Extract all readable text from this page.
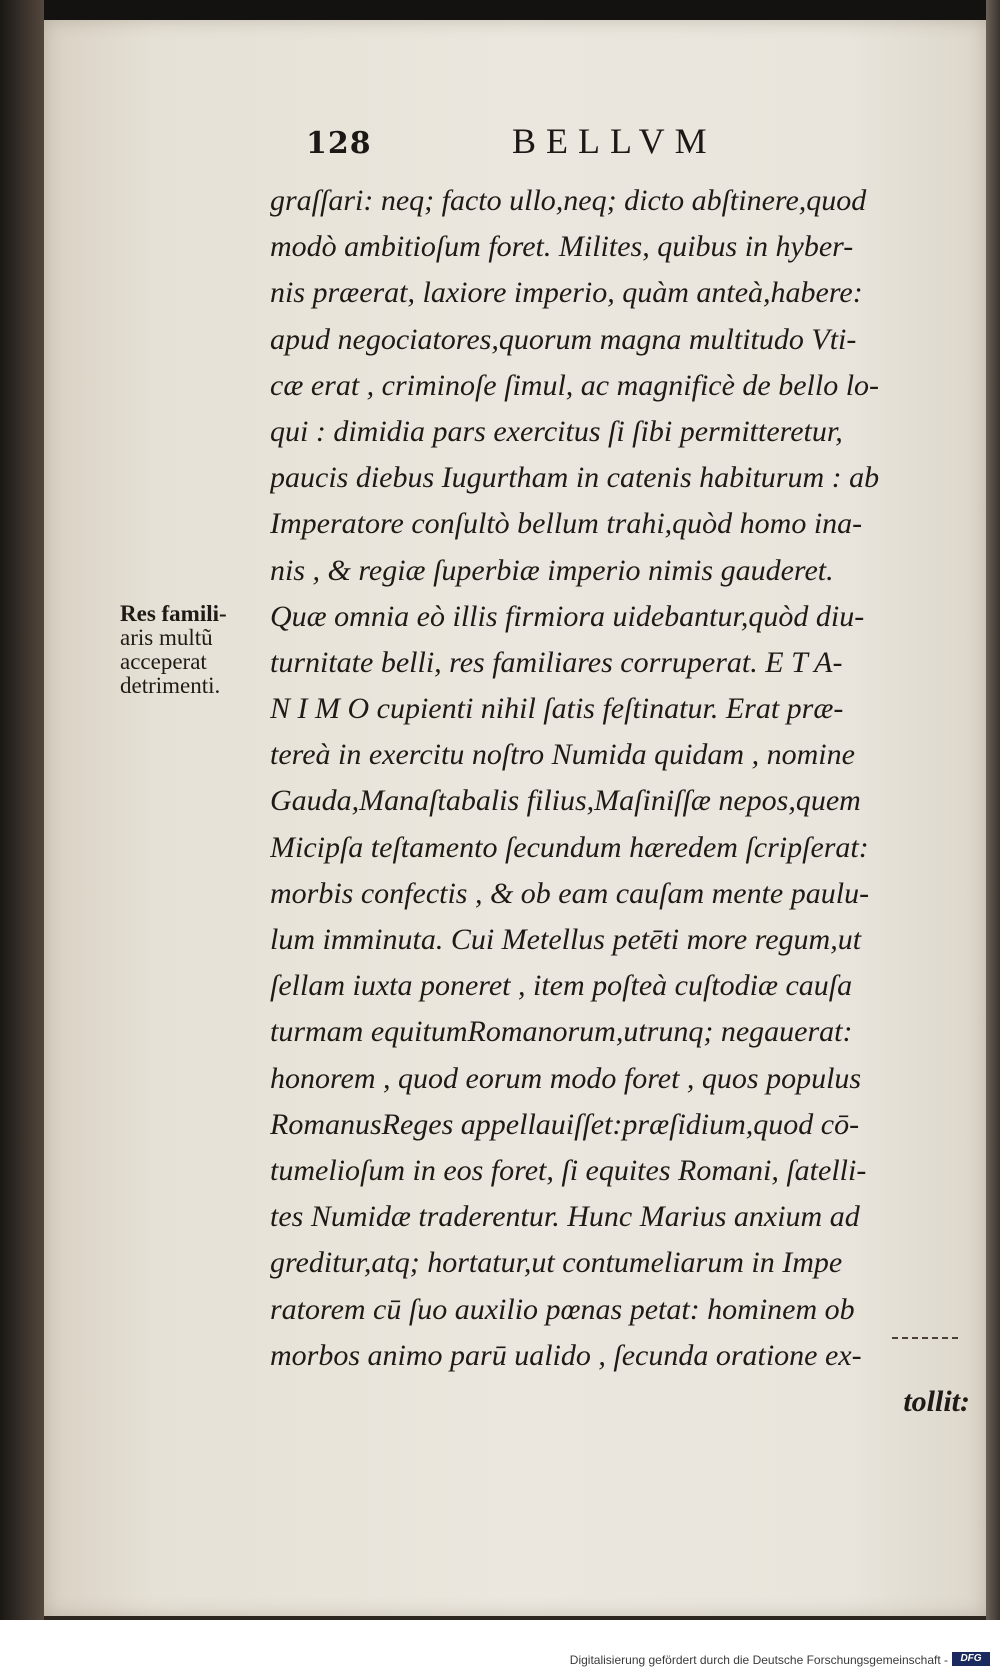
128	BELLVM
Res famili-
aris multũ
acceperat
detrimenti.
graſſari: neq; facto ullo,neq; dicto abſtinere,quod
modò ambitioſum foret. Milites, quibus in hyber-
nis præerat, laxiore imperio, quàm anteà,habere:
apud negociatores,quorum magna multitudo Vti-
cæ erat , criminoſe ſimul, ac magnificè de bello lo-
qui : dimidia pars exercitus ſi ſibi permitteretur,
paucis diebus Iugurtham in catenis habiturum : ab
Imperatore conſultò bellum trahi,quòd homo ina-
nis , & regiæ ſuperbiæ imperio nimis gauderet.
Quæ omnia eò illis firmiora uidebantur,quòd diu-
turnitate belli, res familiares corruperat. E T A-
N I M O cupienti nihil ſatis feſtinatur. Erat præ-
tereà in exercitu noſtro Numida quidam , nomine
Gauda,Manaſtabalis filius,Maſiniſſæ nepos,quem
Micipſa teſtamento ſecundum hæredem ſcripſerat:
morbis confectis , & ob eam cauſam mente paulu-
lum imminuta. Cui Metellus petēti more regum,ut
ſellam iuxta poneret , item poſteà cuſtodiæ cauſa
turmam equitumRomanorum,utrunq; negauerat:
honorem , quod eorum modo foret , quos populus
RomanusReges appellauiſſet:præſidium,quod cō-
tumelioſum in eos foret, ſi equites Romani, ſatelli-
tes Numidæ traderentur. Hunc Marius anxium ad
greditur,atq; hortatur,ut contumeliarum in Impe
ratorem cū ſuo auxilio pœnas petat: hominem ob
morbos animo parū ualido , ſecunda oratione ex-
tollit:
Digitalisierung gefördert durch die Deutsche Forschungsgemeinschaft -	DFG
